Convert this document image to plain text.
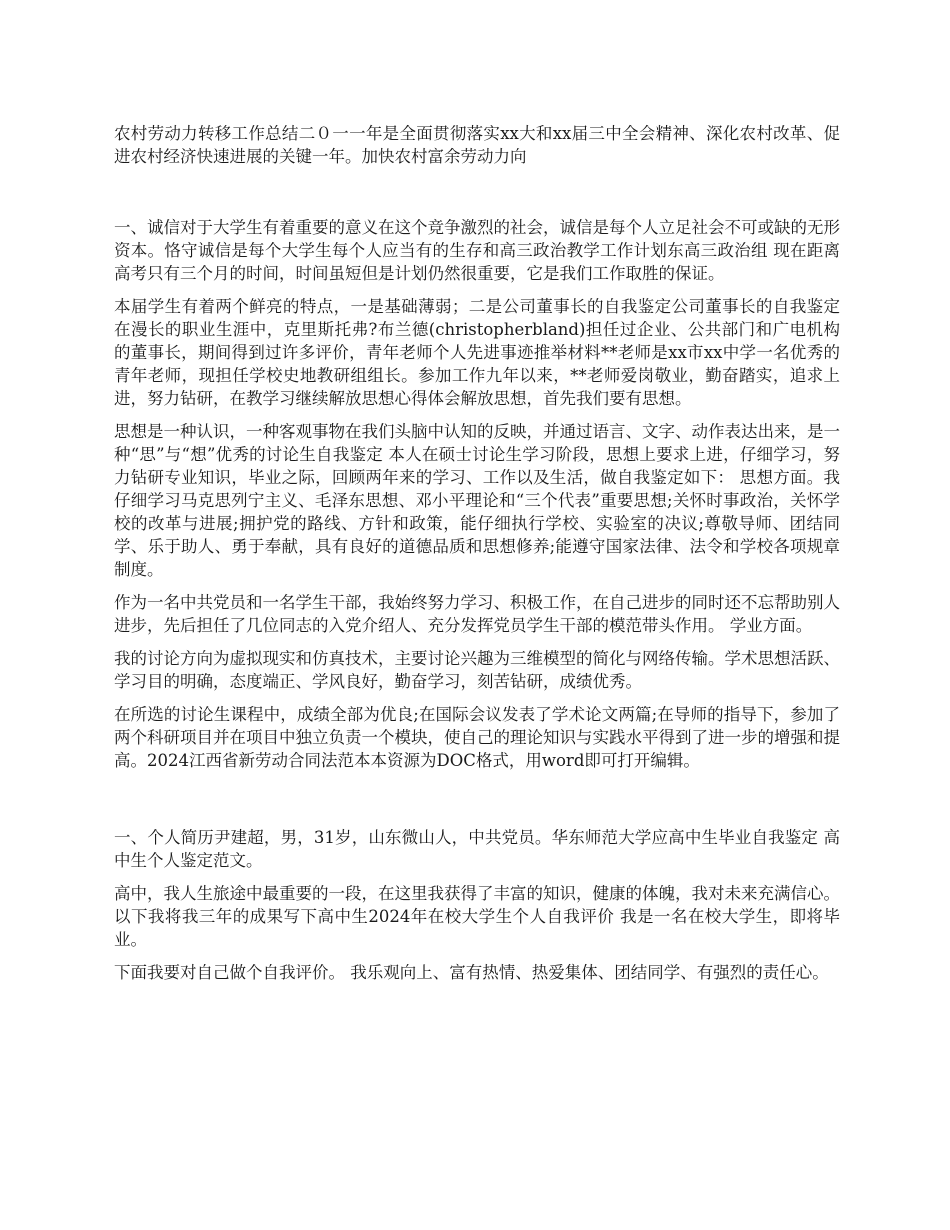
农村劳动力转移工作总结二０一一年是全面贯彻落实xx大和xx届三中全会精神、深化农村改革、促进农村经济快速进展的关键一年。加快农村富余劳动力向

一、诚信对于大学生有着重要的意义在这个竞争激烈的社会，诚信是每个人立足社会不可或缺的无形资本。恪守诚信是每个大学生每个人应当有的生存和高三政治教学工作计划东高三政治组 现在距离高考只有三个月的时间，时间虽短但是计划仍然很重要，它是我们工作取胜的保证。

本届学生有着两个鲜亮的特点，一是基础薄弱；二是公司董事长的自我鉴定公司董事长的自我鉴定 在漫长的职业生涯中，克里斯托弗?布兰德(christopherbland)担任过企业、公共部门和广电机构的董事长，期间得到过许多评价，青年老师个人先进事迹推举材料**老师是xx市xx中学一名优秀的青年老师，现担任学校史地教研组组长。参加工作九年以来，**老师爱岗敬业，勤奋踏实，追求上进，努力钻研，在教学习继续解放思想心得体会解放思想，首先我们要有思想。

思想是一种认识，一种客观事物在我们头脑中认知的反映，并通过语言、文字、动作表达出来，是一种“思”与“想”优秀的讨论生自我鉴定 本人在硕士讨论生学习阶段，思想上要求上进，仔细学习，努力钻研专业知识，毕业之际，回顾两年来的学习、工作以及生活，做自我鉴定如下： 思想方面。我仔细学习马克思列宁主义、毛泽东思想、邓小平理论和“三个代表”重要思想;关怀时事政治，关怀学校的改革与进展;拥护党的路线、方针和政策，能仔细执行学校、实验室的决议;尊敬导师、团结同学、乐于助人、勇于奉献，具有良好的道德品质和思想修养;能遵守国家法律、法令和学校各项规章制度。

作为一名中共党员和一名学生干部，我始终努力学习、积极工作，在自己进步的同时还不忘帮助别人进步，先后担任了几位同志的入党介绍人、充分发挥党员学生干部的模范带头作用。 学业方面。

我的讨论方向为虚拟现实和仿真技术，主要讨论兴趣为三维模型的简化与网络传输。学术思想活跃、学习目的明确，态度端正、学风良好，勤奋学习，刻苦钻研，成绩优秀。

在所选的讨论生课程中，成绩全部为优良;在国际会议发表了学术论文两篇;在导师的指导下，参加了两个科研项目并在项目中独立负责一个模块，使自己的理论知识与实践水平得到了进一步的增强和提高。2024江西省新劳动合同法范本本资源为DOC格式，用word即可打开编辑。

一、个人简历尹建超，男，31岁，山东微山人，中共党员。华东师范大学应高中生毕业自我鉴定 高中生个人鉴定范文。

高中，我人生旅途中最重要的一段，在这里我获得了丰富的知识，健康的体魄，我对未来充满信心。以下我将我三年的成果写下高中生2024年在校大学生个人自我评价 我是一名在校大学生，即将毕业。

下面我要对自己做个自我评价。 我乐观向上、富有热情、热爱集体、团结同学、有强烈的责任心。
